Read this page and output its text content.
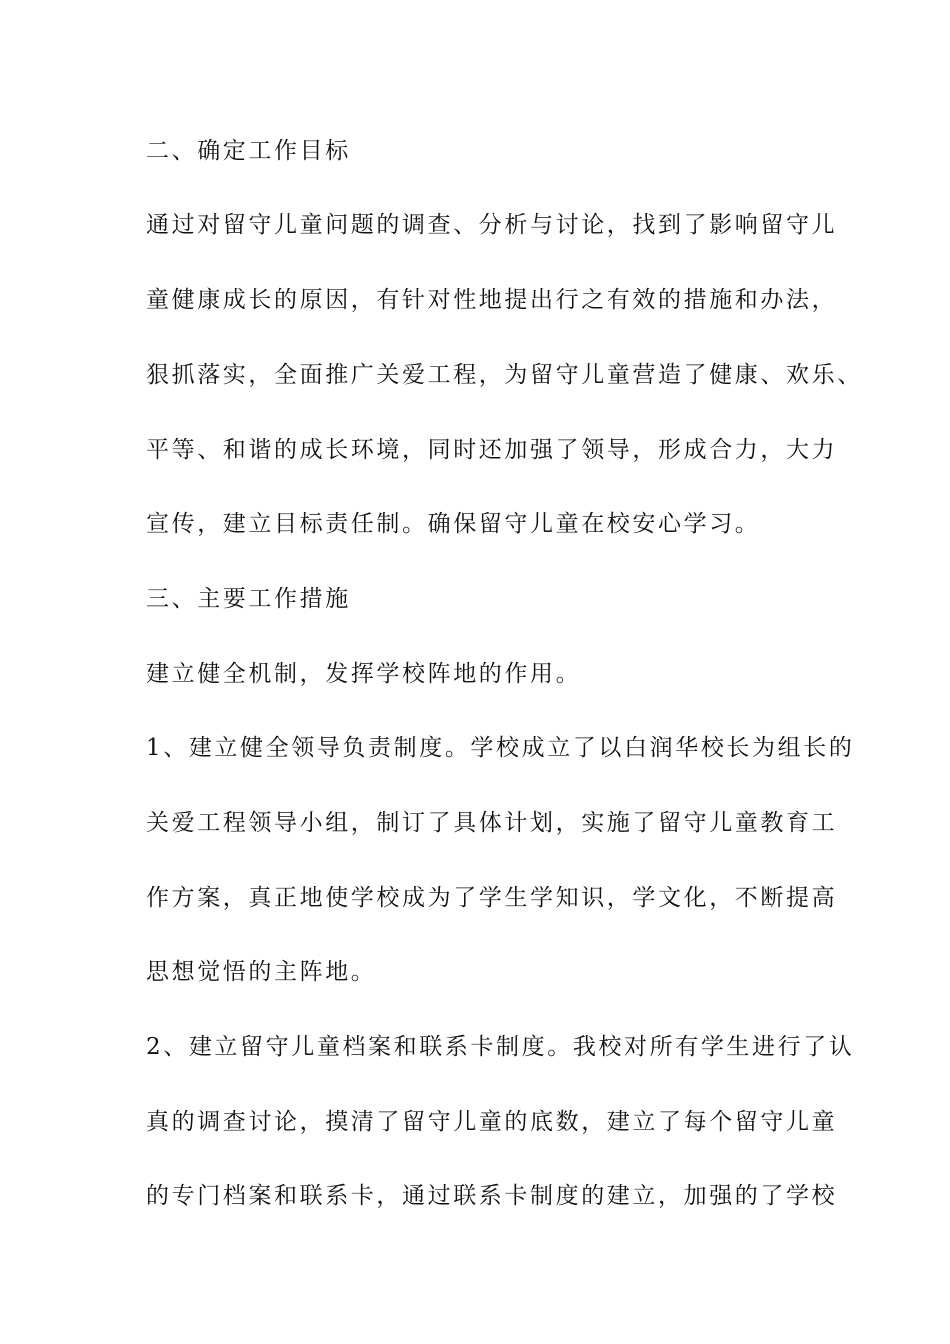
二、确定工作目标

通过对留守儿童问题的调查、分析与讨论，找到了影响留守儿

童健康成长的原因，有针对性地提出行之有效的措施和办法，

狠抓落实，全面推广关爱工程，为留守儿童营造了健康、欢乐、

平等、和谐的成长环境，同时还加强了领导，形成合力，大力

宣传，建立目标责任制。确保留守儿童在校安心学习。

三、主要工作措施

建立健全机制，发挥学校阵地的作用。

1、建立健全领导负责制度。学校成立了以白润华校长为组长的

关爱工程领导小组，制订了具体计划，实施了留守儿童教育工

作方案，真正地使学校成为了学生学知识，学文化，不断提高

思想觉悟的主阵地。

2、建立留守儿童档案和联系卡制度。我校对所有学生进行了认

真的调查讨论，摸清了留守儿童的底数，建立了每个留守儿童

的专门档案和联系卡，通过联系卡制度的建立，加强的了学校
